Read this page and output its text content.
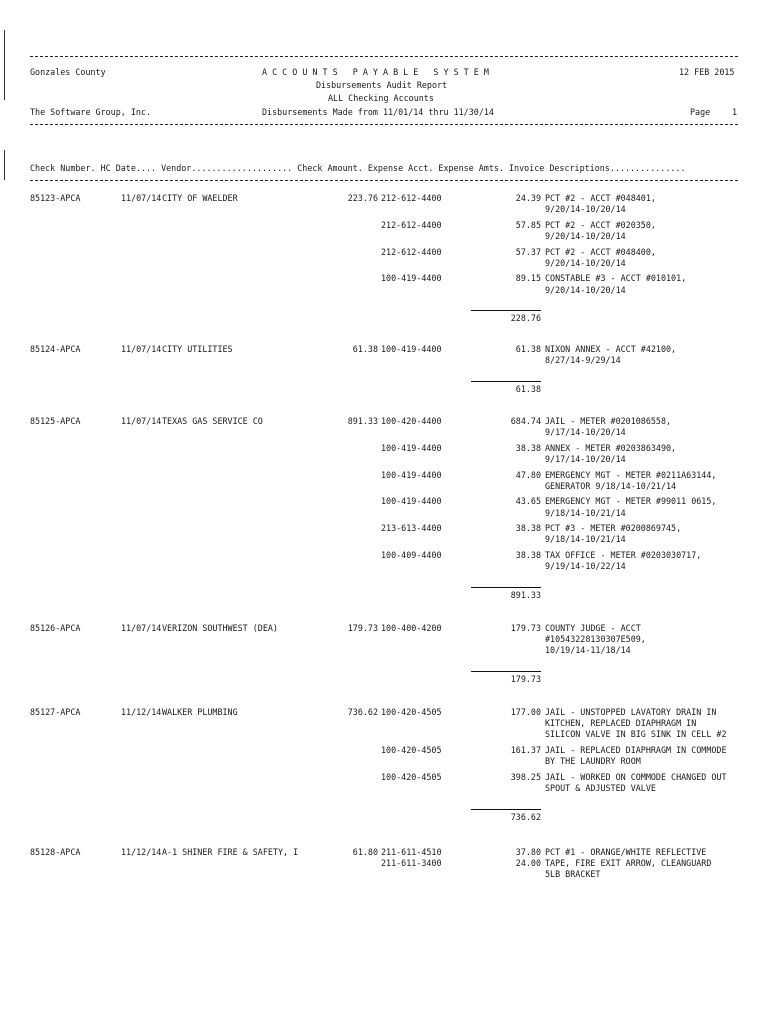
Gonzales County	A C C O U N T S   P A Y A B L E   S Y S T E M	12 FEB 2015
Disbursements Audit Report
ALL Checking Accounts
The Software Group, Inc.	Disbursements Made from 11/01/14 thru 11/30/14	Page	1
Check Number. HC Date.... Vendor.................... Check Amount. Expense Acct. Expense Amts. Invoice Descriptions...............
85123-APCA	11/07/14 CITY OF WAELDER	223.76 212-612-4400	24.39 PCT #2 - ACCT #048401,
9/20/14-10/20/14
212-612-4400	57.85 PCT #2 - ACCT #020350,
9/20/14-10/20/14
212-612-4400	57.37 PCT #2 - ACCT #048400,
9/20/14-10/20/14
100-419-4400	89.15 CONSTABLE #3 - ACCT #010101,
9/20/14-10/20/14
228.76
85124-APCA	11/07/14 CITY UTILITIES	61.38 100-419-4400	61.38 NIXON ANNEX - ACCT #42100,
8/27/14-9/29/14
61.38
85125-APCA	11/07/14 TEXAS GAS SERVICE CO	891.33 100-420-4400	684.74 JAIL - METER #0201086558,
9/17/14-10/20/14
100-419-4400	38.38 ANNEX - METER #0203863490,
9/17/14-10/20/14
100-419-4400	47.80 EMERGENCY MGT - METER #0211A63144,
GENERATOR 9/18/14-10/21/14
100-419-4400	43.65 EMERGENCY MGT - METER #99011 0615,
9/18/14-10/21/14
213-613-4400	38.38 PCT #3 - METER #0200869745,
9/18/14-10/21/14
100-409-4400	38.38 TAX OFFICE - METER #0203030717,
9/19/14-10/22/14
891.33
85126-APCA	11/07/14 VERIZON SOUTHWEST (DEA)	179.73 100-400-4200	179.73 COUNTY JUDGE - ACCT
#10543228130307E509,
10/19/14-11/18/14
179.73
85127-APCA	11/12/14 WALKER PLUMBING	736.62 100-420-4505	177.00 JAIL - UNSTOPPED LAVATORY DRAIN IN
KITCHEN, REPLACED DIAPHRAGM IN
SILICON VALVE IN BIG SINK IN CELL #2
100-420-4505	161.37 JAIL - REPLACED DIAPHRAGM IN COMMODE
BY THE LAUNDRY ROOM
100-420-4505	398.25 JAIL - WORKED ON COMMODE CHANGED OUT
SPOUT & ADJUSTED VALVE
736.62
85128-APCA	11/12/14 A-1 SHINER FIRE & SAFETY, I	61.80 211-611-4510	37.80 PCT #1 - ORANGE/WHITE REFLECTIVE
211-611-3400	24.00 TAPE, FIRE EXIT ARROW, CLEANGUARD
5LB BRACKET
